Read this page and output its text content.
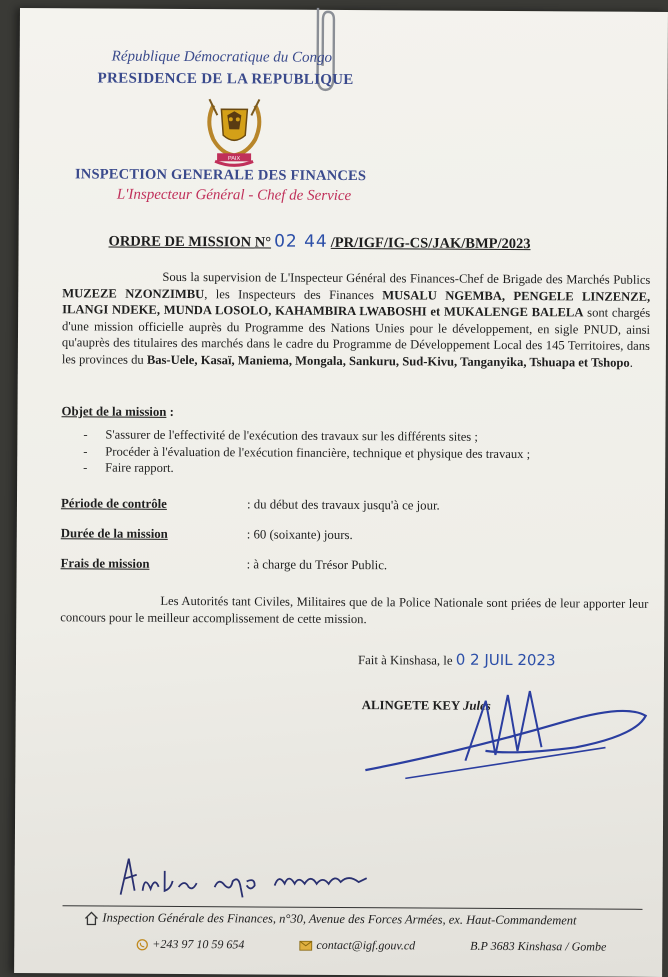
République Démocratique du Congo
PRESIDENCE DE LA REPUBLIQUE
PAIX
INSPECTION GENERALE DES FINANCES
L'Inspecteur Général - Chef de Service
ORDRE DE MISSION N° 02 44 /PR/IGF/IG-CS/JAK/BMP/2023
Sous la supervision de L'Inspecteur Général des Finances-Chef de Brigade des Marchés Publics MUZEZE NZONZIMBU, les Inspecteurs des Finances MUSALU NGEMBA, PENGELE LINZENZE, ILANGI NDEKE, MUNDA LOSOLO, KAHAMBIRA LWABOSHI et MUKALENGE BALELA sont chargés d'une mission officielle auprès du Programme des Nations Unies pour le développement, en sigle PNUD, ainsi qu'auprès des titulaires des marchés dans le cadre du Programme de Développement Local des 145 Territoires, dans les provinces du Bas-Uele, Kasaï, Maniema, Mongala, Sankuru, Sud-Kivu, Tanganyika, Tshuapa et Tshopo.
Objet de la mission :
- S'assurer de l'effectivité de l'exécution des travaux sur les différents sites ;
- Procéder à l'évaluation de l'exécution financière, technique et physique des travaux ;
- Faire rapport.
Période de contrôle	: du début des travaux jusqu'à ce jour.
Durée de la mission	: 60 (soixante) jours.
Frais de mission	: à charge du Trésor Public.
Les Autorités tant Civiles, Militaires que de la Police Nationale sont priées de leur apporter leur concours pour le meilleur accomplissement de cette mission.
Fait à Kinshasa, le 0 2 JUIL 2023
ALINGETE KEY Jules
Inspection Générale des Finances, n°30, Avenue des Forces Armées, ex. Haut-Commandement
+243 97 10 59 654	contact@igf.gouv.cd	B.P 3683 Kinshasa / Gombe
